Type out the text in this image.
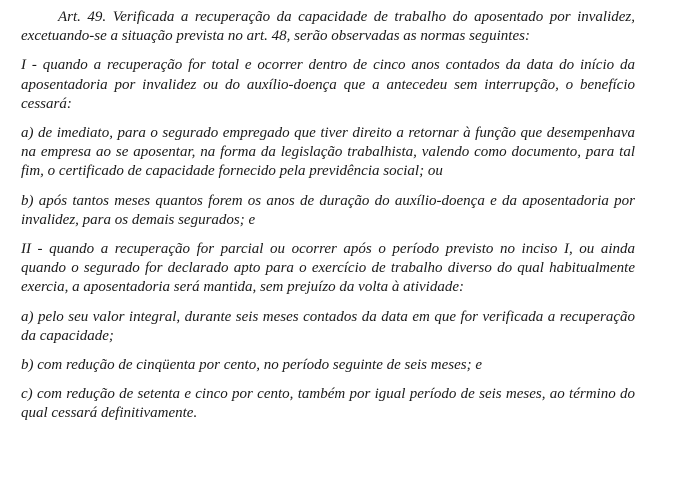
Art. 49. Verificada a recuperação da capacidade de trabalho do aposentado por invalidez, excetuando-se a situação prevista no art. 48, serão observadas as normas seguintes:

I - quando a recuperação for total e ocorrer dentro de cinco anos contados da data do início da aposentadoria por invalidez ou do auxílio-doença que a antecedeu sem interrupção, o benefício cessará:

a) de imediato, para o segurado empregado que tiver direito a retornar à função que desempenhava na empresa ao se aposentar, na forma da legislação trabalhista, valendo como documento, para tal fim, o certificado de capacidade fornecido pela previdência social; ou

b) após tantos meses quantos forem os anos de duração do auxílio-doença e da aposentadoria por invalidez, para os demais segurados; e

II - quando a recuperação for parcial ou ocorrer após o período previsto no inciso I, ou ainda quando o segurado for declarado apto para o exercício de trabalho diverso do qual habitualmente exercia, a aposentadoria será mantida, sem prejuízo da volta à atividade:

a) pelo seu valor integral, durante seis meses contados da data em que for verificada a recuperação da capacidade;

b) com redução de cinqüenta por cento, no período seguinte de seis meses; e

c) com redução de setenta e cinco por cento, também por igual período de seis meses, ao término do qual cessará definitivamente.
